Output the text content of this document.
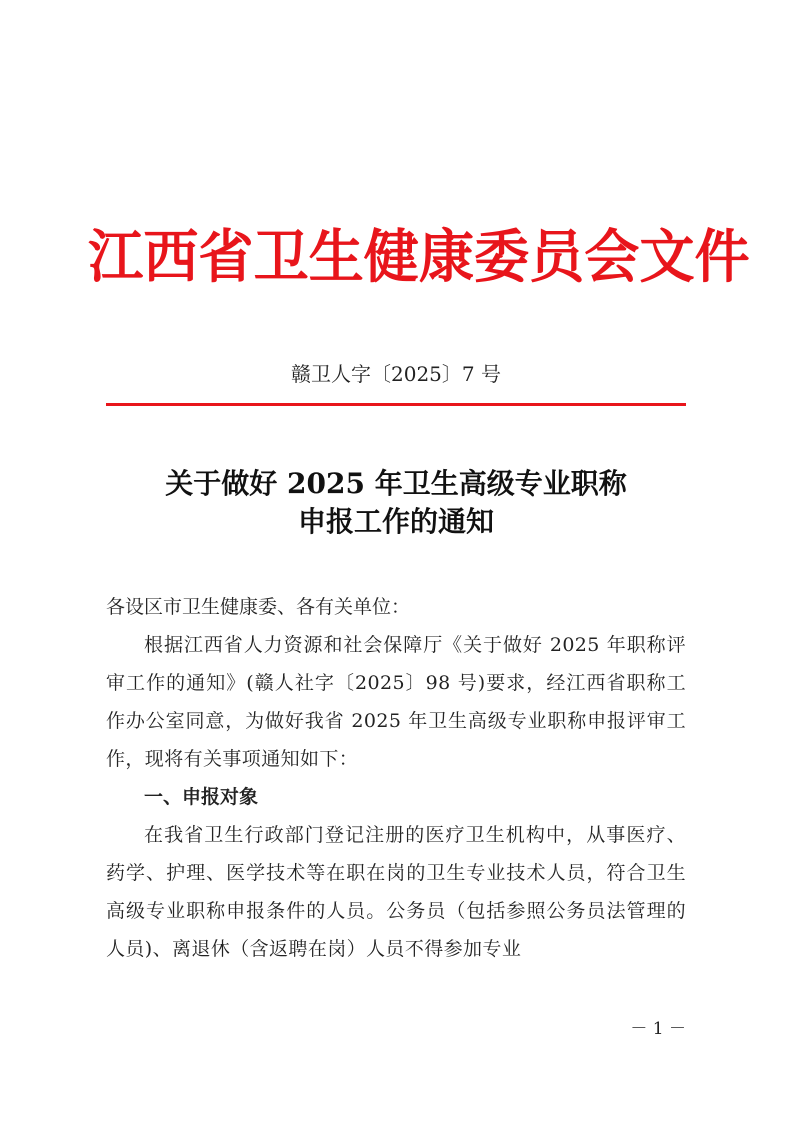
江西省卫生健康委员会文件

赣卫人字〔2025〕7 号

关于做好 2025 年卫生高级专业职称
申报工作的通知

各设区市卫生健康委、各有关单位：

根据江西省人力资源和社会保障厅《关于做好 2025 年职称评审工作的通知》(赣人社字〔2025〕98 号)要求，经江西省职称工作办公室同意，为做好我省 2025 年卫生高级专业职称申报评审工作，现将有关事项通知如下：

一、申报对象

在我省卫生行政部门登记注册的医疗卫生机构中，从事医疗、药学、护理、医学技术等在职在岗的卫生专业技术人员，符合卫生高级专业职称申报条件的人员。公务员（包括参照公务员法管理的人员)、离退休（含返聘在岗）人员不得参加专业

－ 1 －
